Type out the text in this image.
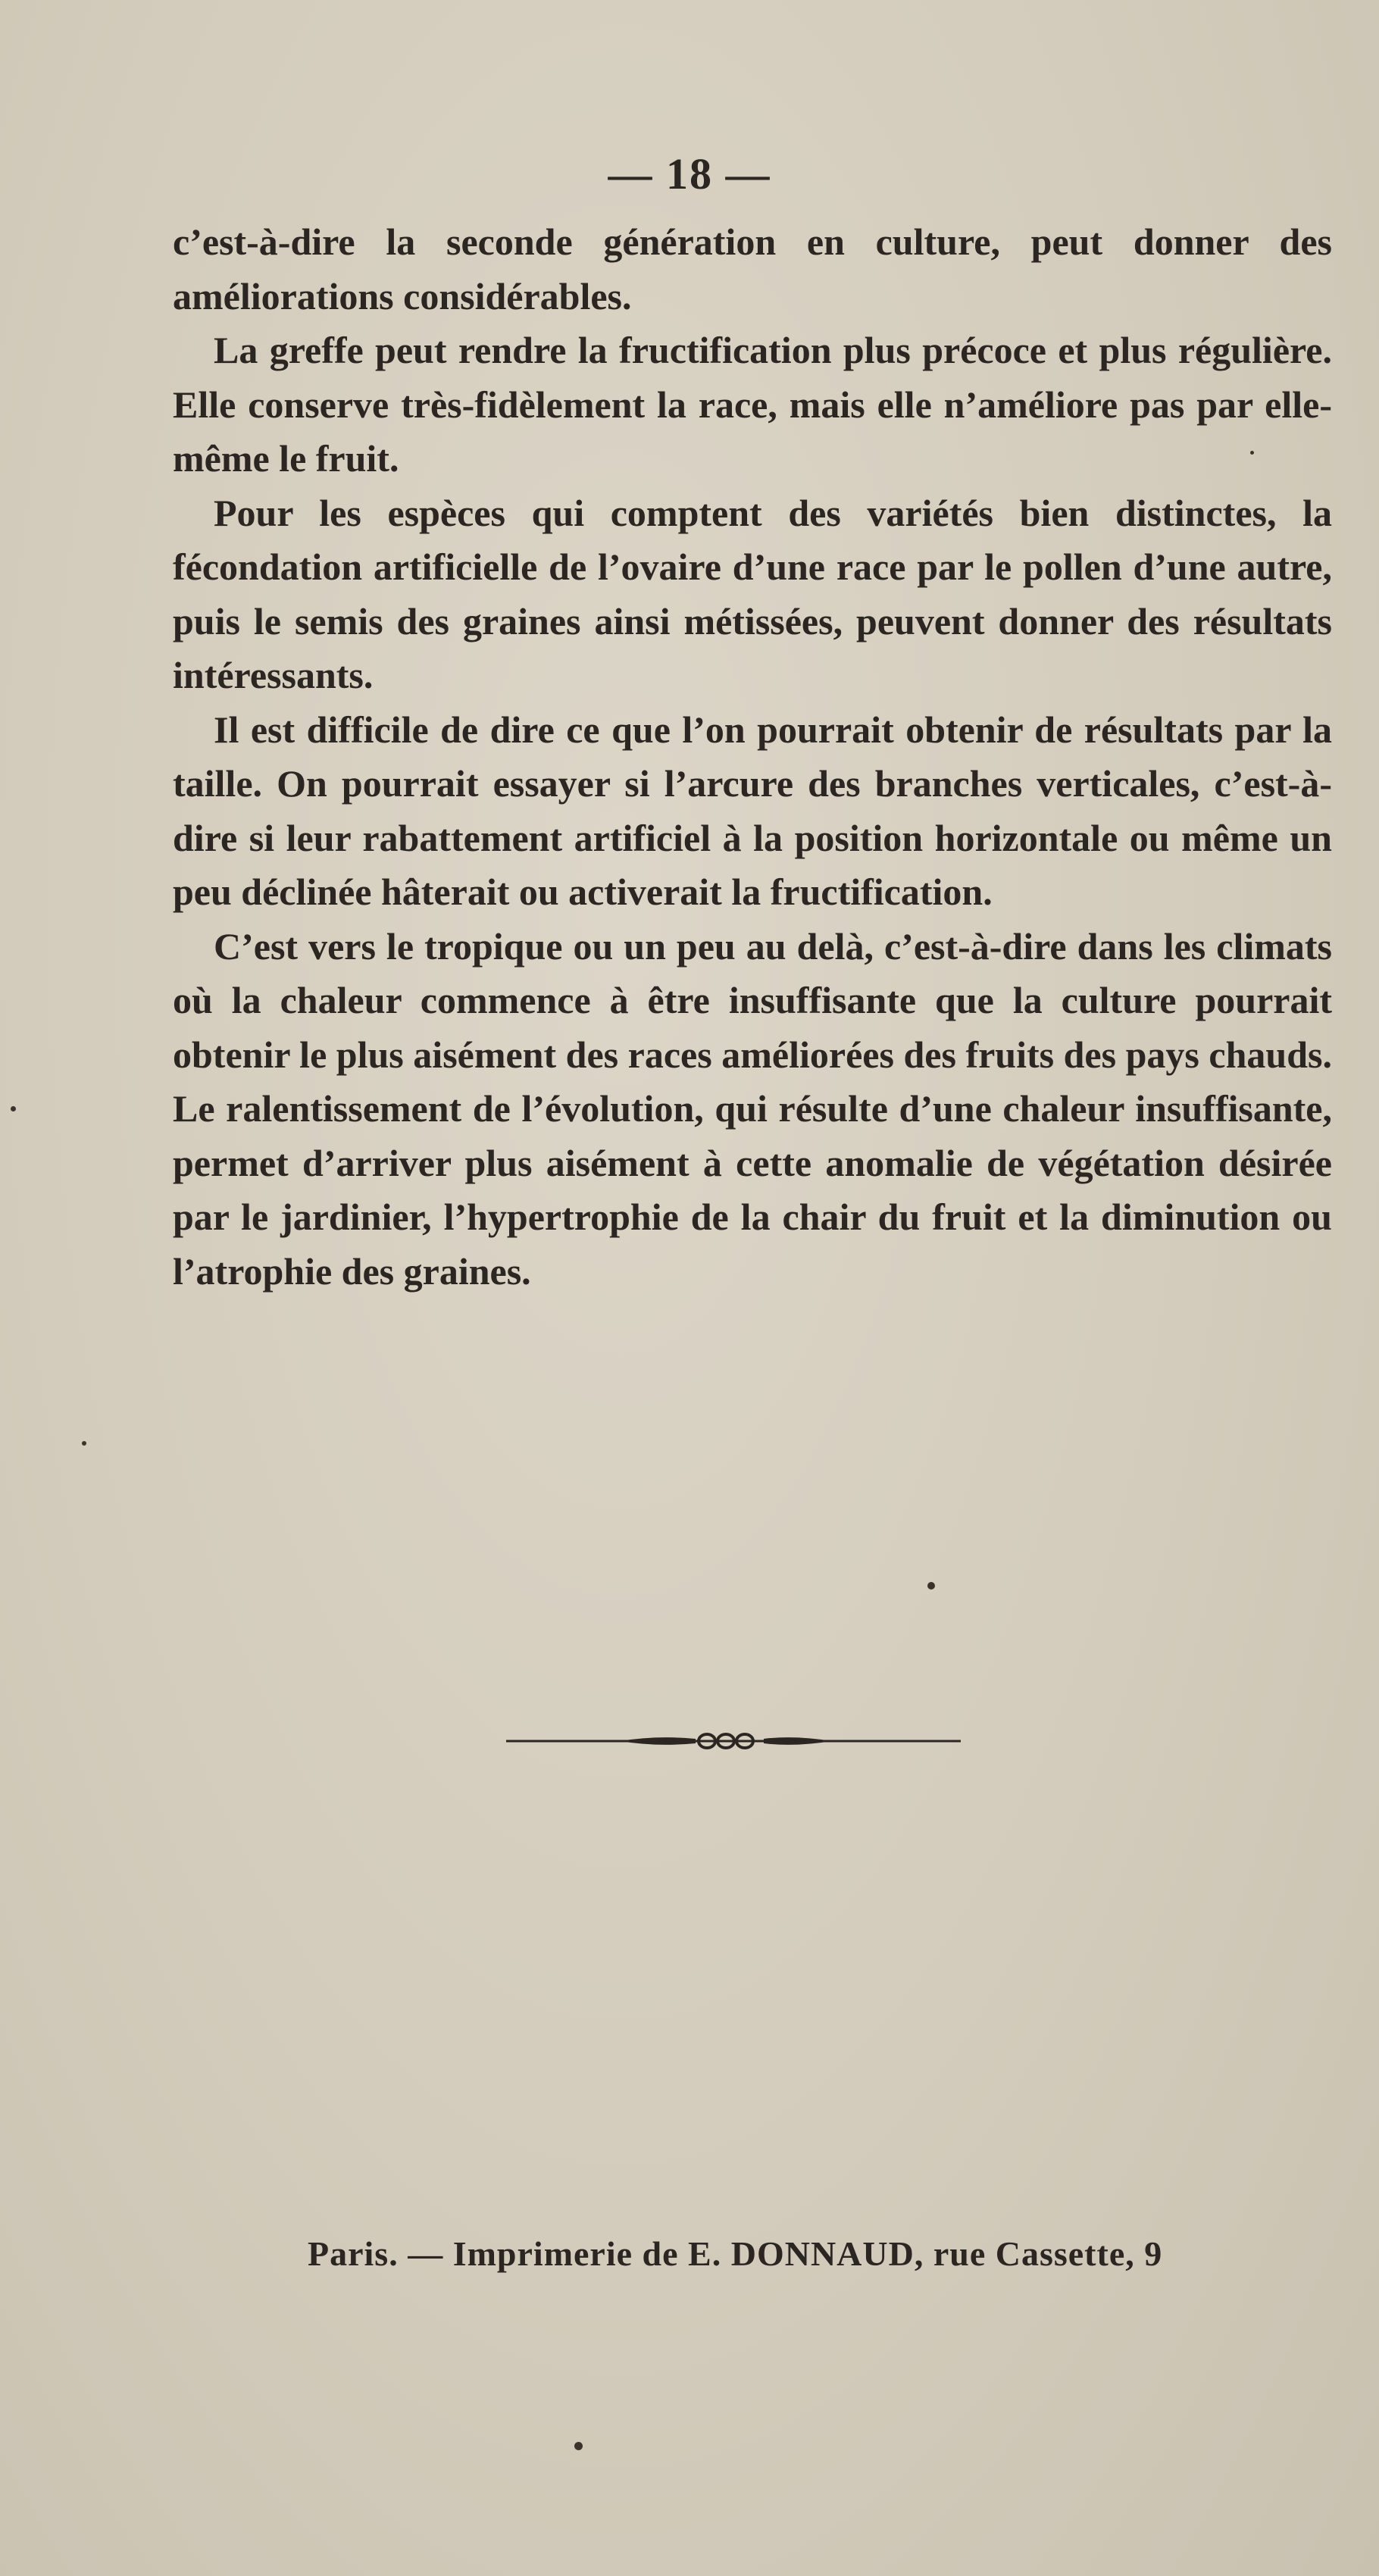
— 18 —

c’est-à-dire la seconde génération en culture, peut donner des améliorations considérables.

La greffe peut rendre la fructification plus précoce et plus régulière. Elle conserve très-fidèlement la race, mais elle n’améliore pas par elle-même le fruit.

Pour les espèces qui comptent des variétés bien distinctes, la fécondation artificielle de l’ovaire d’une race par le pollen d’une autre, puis le semis des graines ainsi métissées, peuvent donner des résultats intéressants.

Il est difficile de dire ce que l’on pourrait obtenir de résultats par la taille. On pourrait essayer si l’arcure des branches verticales, c’est-à-dire si leur rabattement artificiel à la position horizontale ou même un peu déclinée hâterait ou activerait la fructification.

C’est vers le tropique ou un peu au delà, c’est-à-dire dans les climats où la chaleur commence à être insuffisante que la culture pourrait obtenir le plus aisément des races améliorées des fruits des pays chauds. Le ralentissement de l’évolution, qui résulte d’une chaleur insuffisante, permet d’arriver plus aisément à cette anomalie de végétation désirée par le jardinier, l’hypertrophie de la chair du fruit et la diminution ou l’atrophie des graines.

Paris. — Imprimerie de E. DONNAUD, rue Cassette, 9
